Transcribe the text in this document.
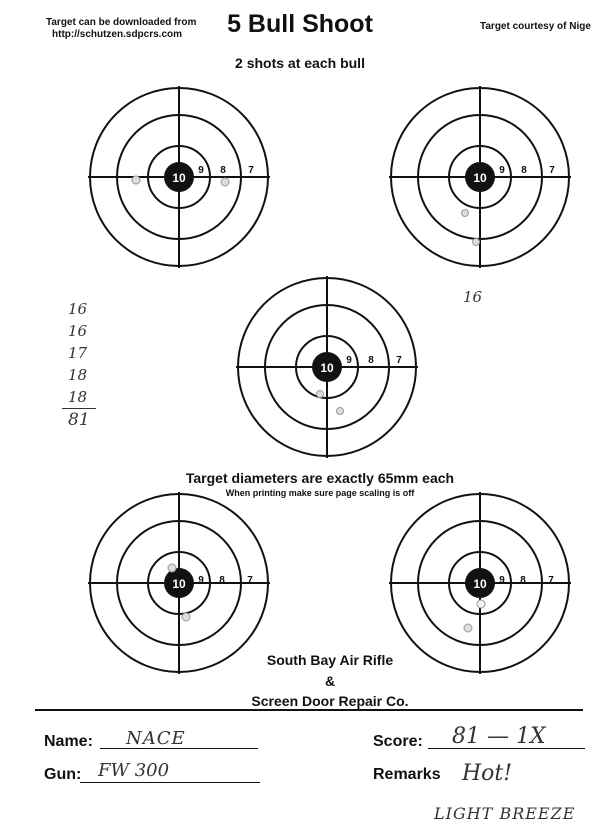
Target can be downloaded from
http://schutzen.sdpcrs.com
Target courtesy of Nige
5 Bull Shoot
2 shots at each bull
10
9 8 7
10
9 8 7
10
9 8 7
Target diameters are exactly 65mm each
When printing make sure page scaling is off
10 9 8 7	10 9 8 7
16
16
16
17
18
18
81
South Bay Air Rifle
&
Screen Door Repair Co.
Name: NACE
Gun: FW 300
Score: 81 — 1X
Remarks Hot!
LIGHT BREEZE
